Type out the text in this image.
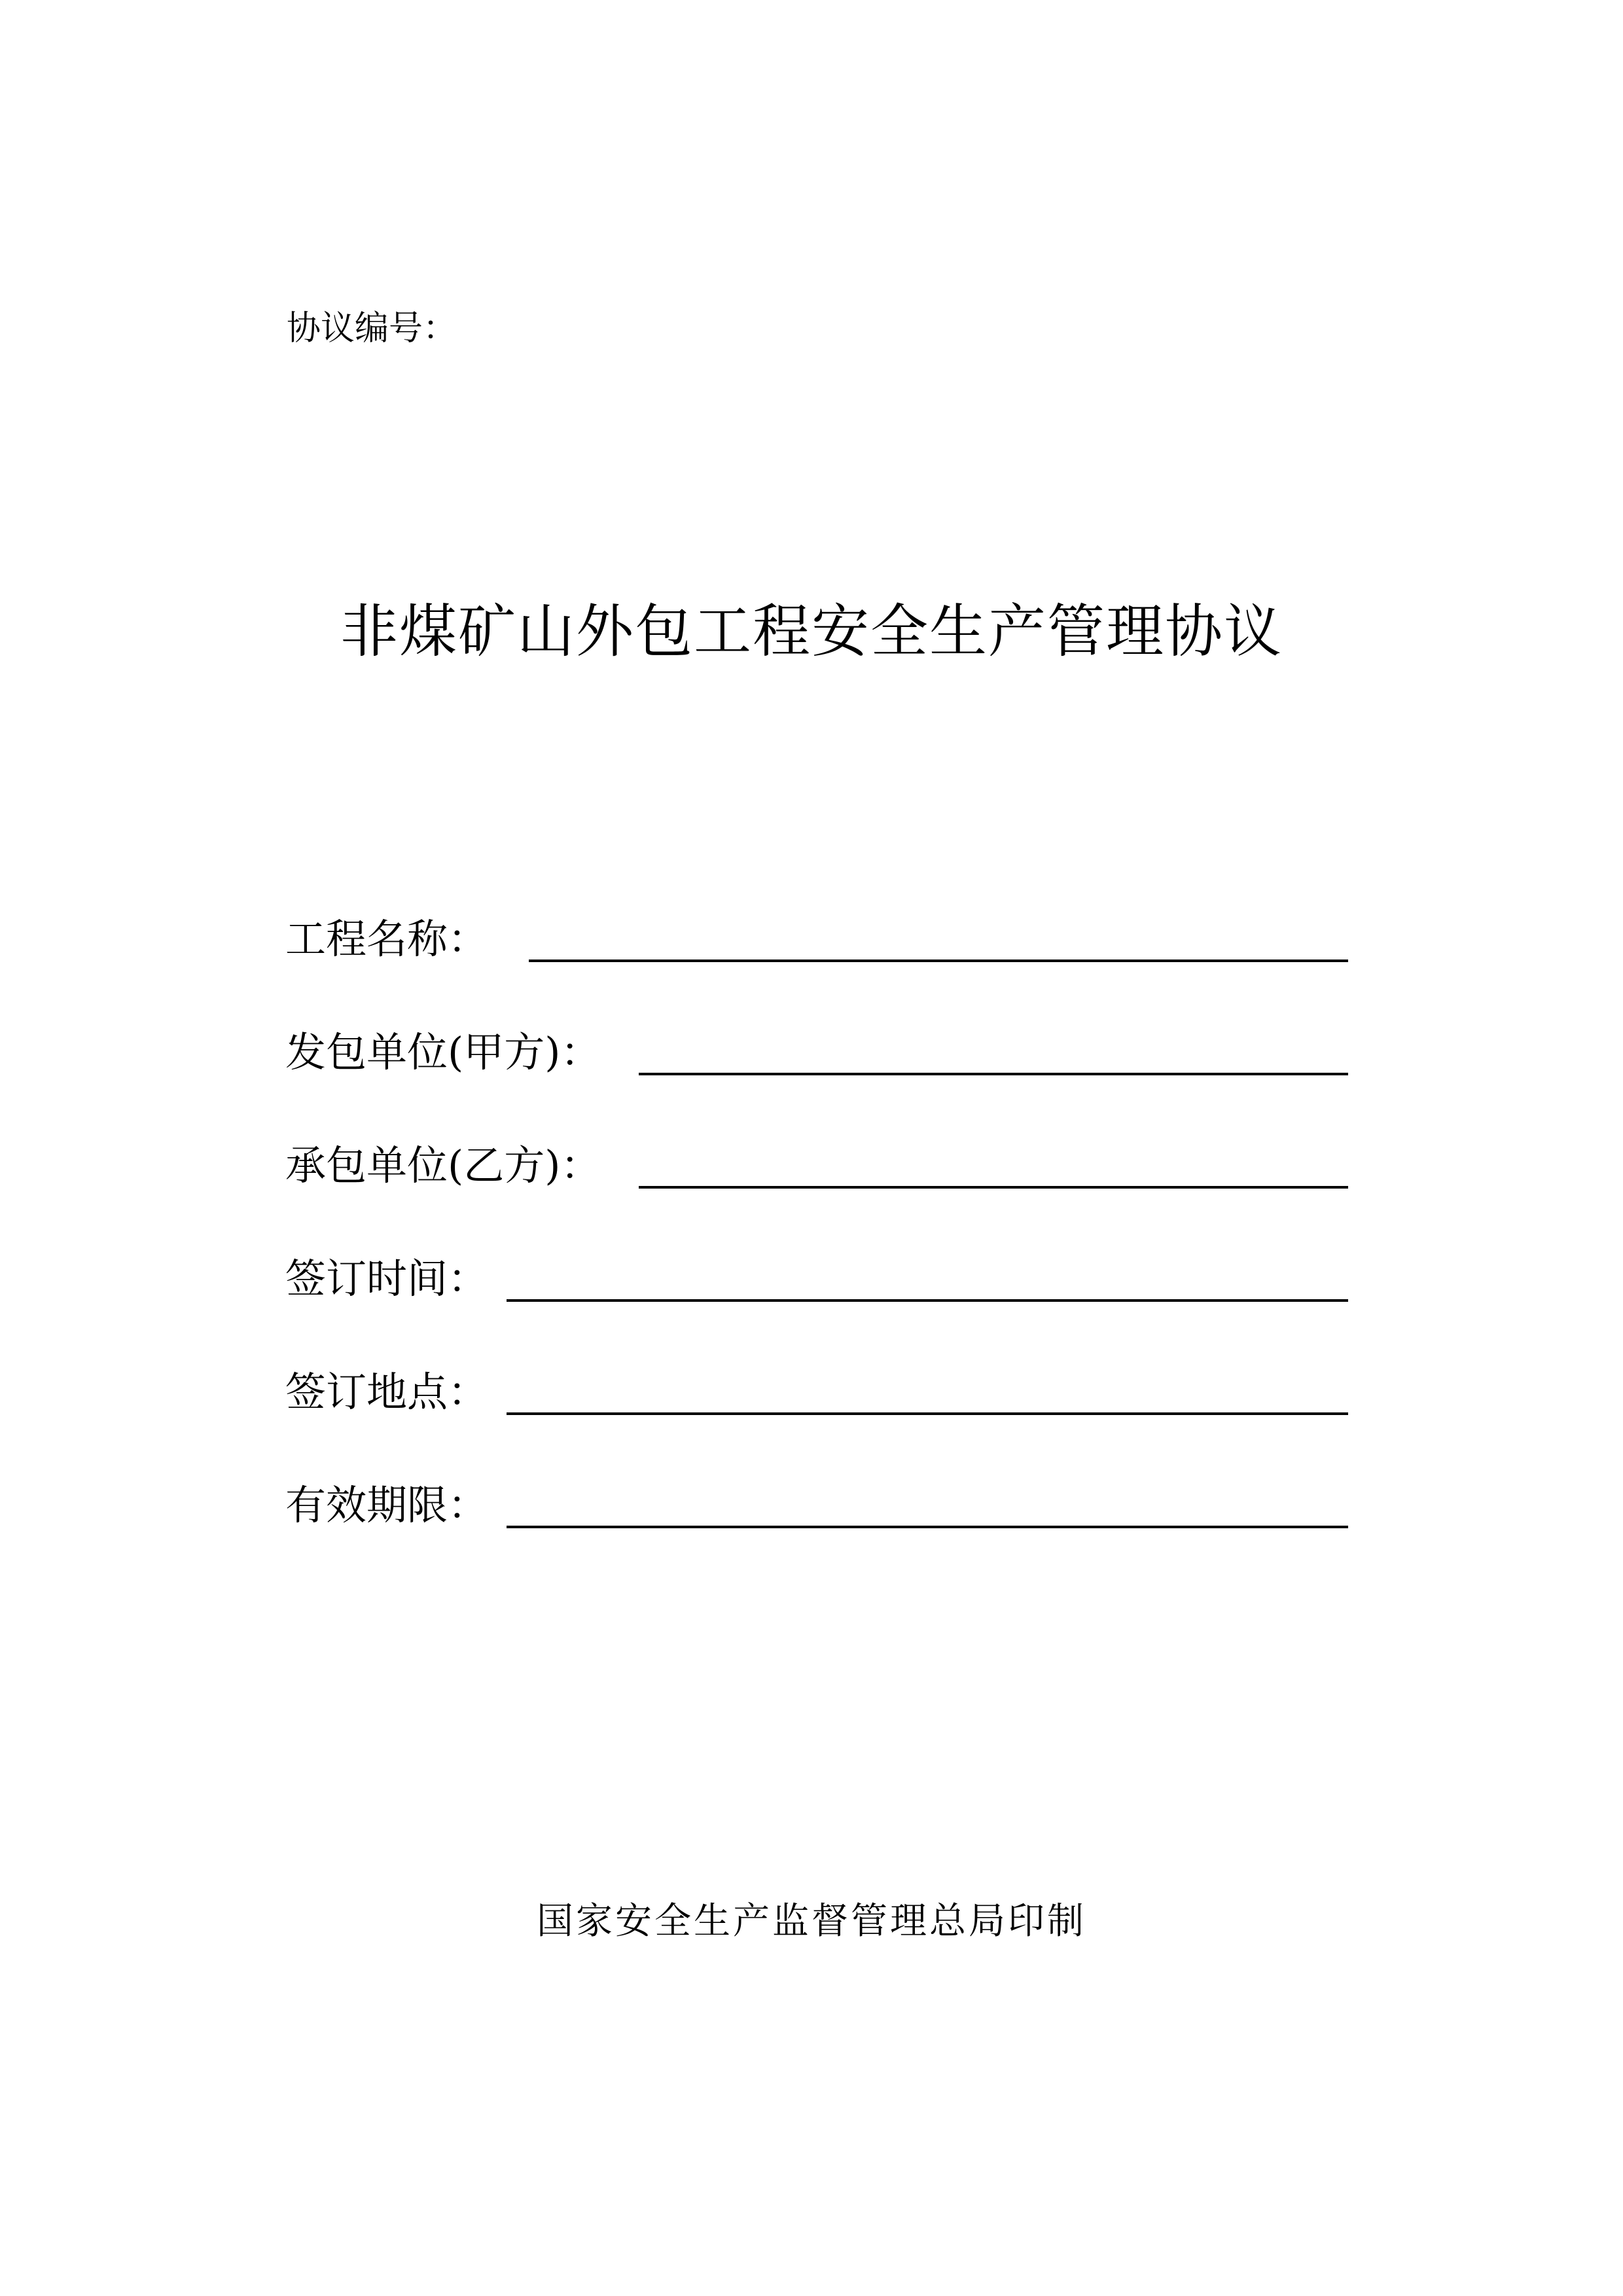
协议编号：
非煤矿山外包工程安全生产管理协议
工程名称：
发包单位(甲方)：
承包单位(乙方)：
签订时间：
签订地点：
有效期限：
国家安全生产监督管理总局印制
